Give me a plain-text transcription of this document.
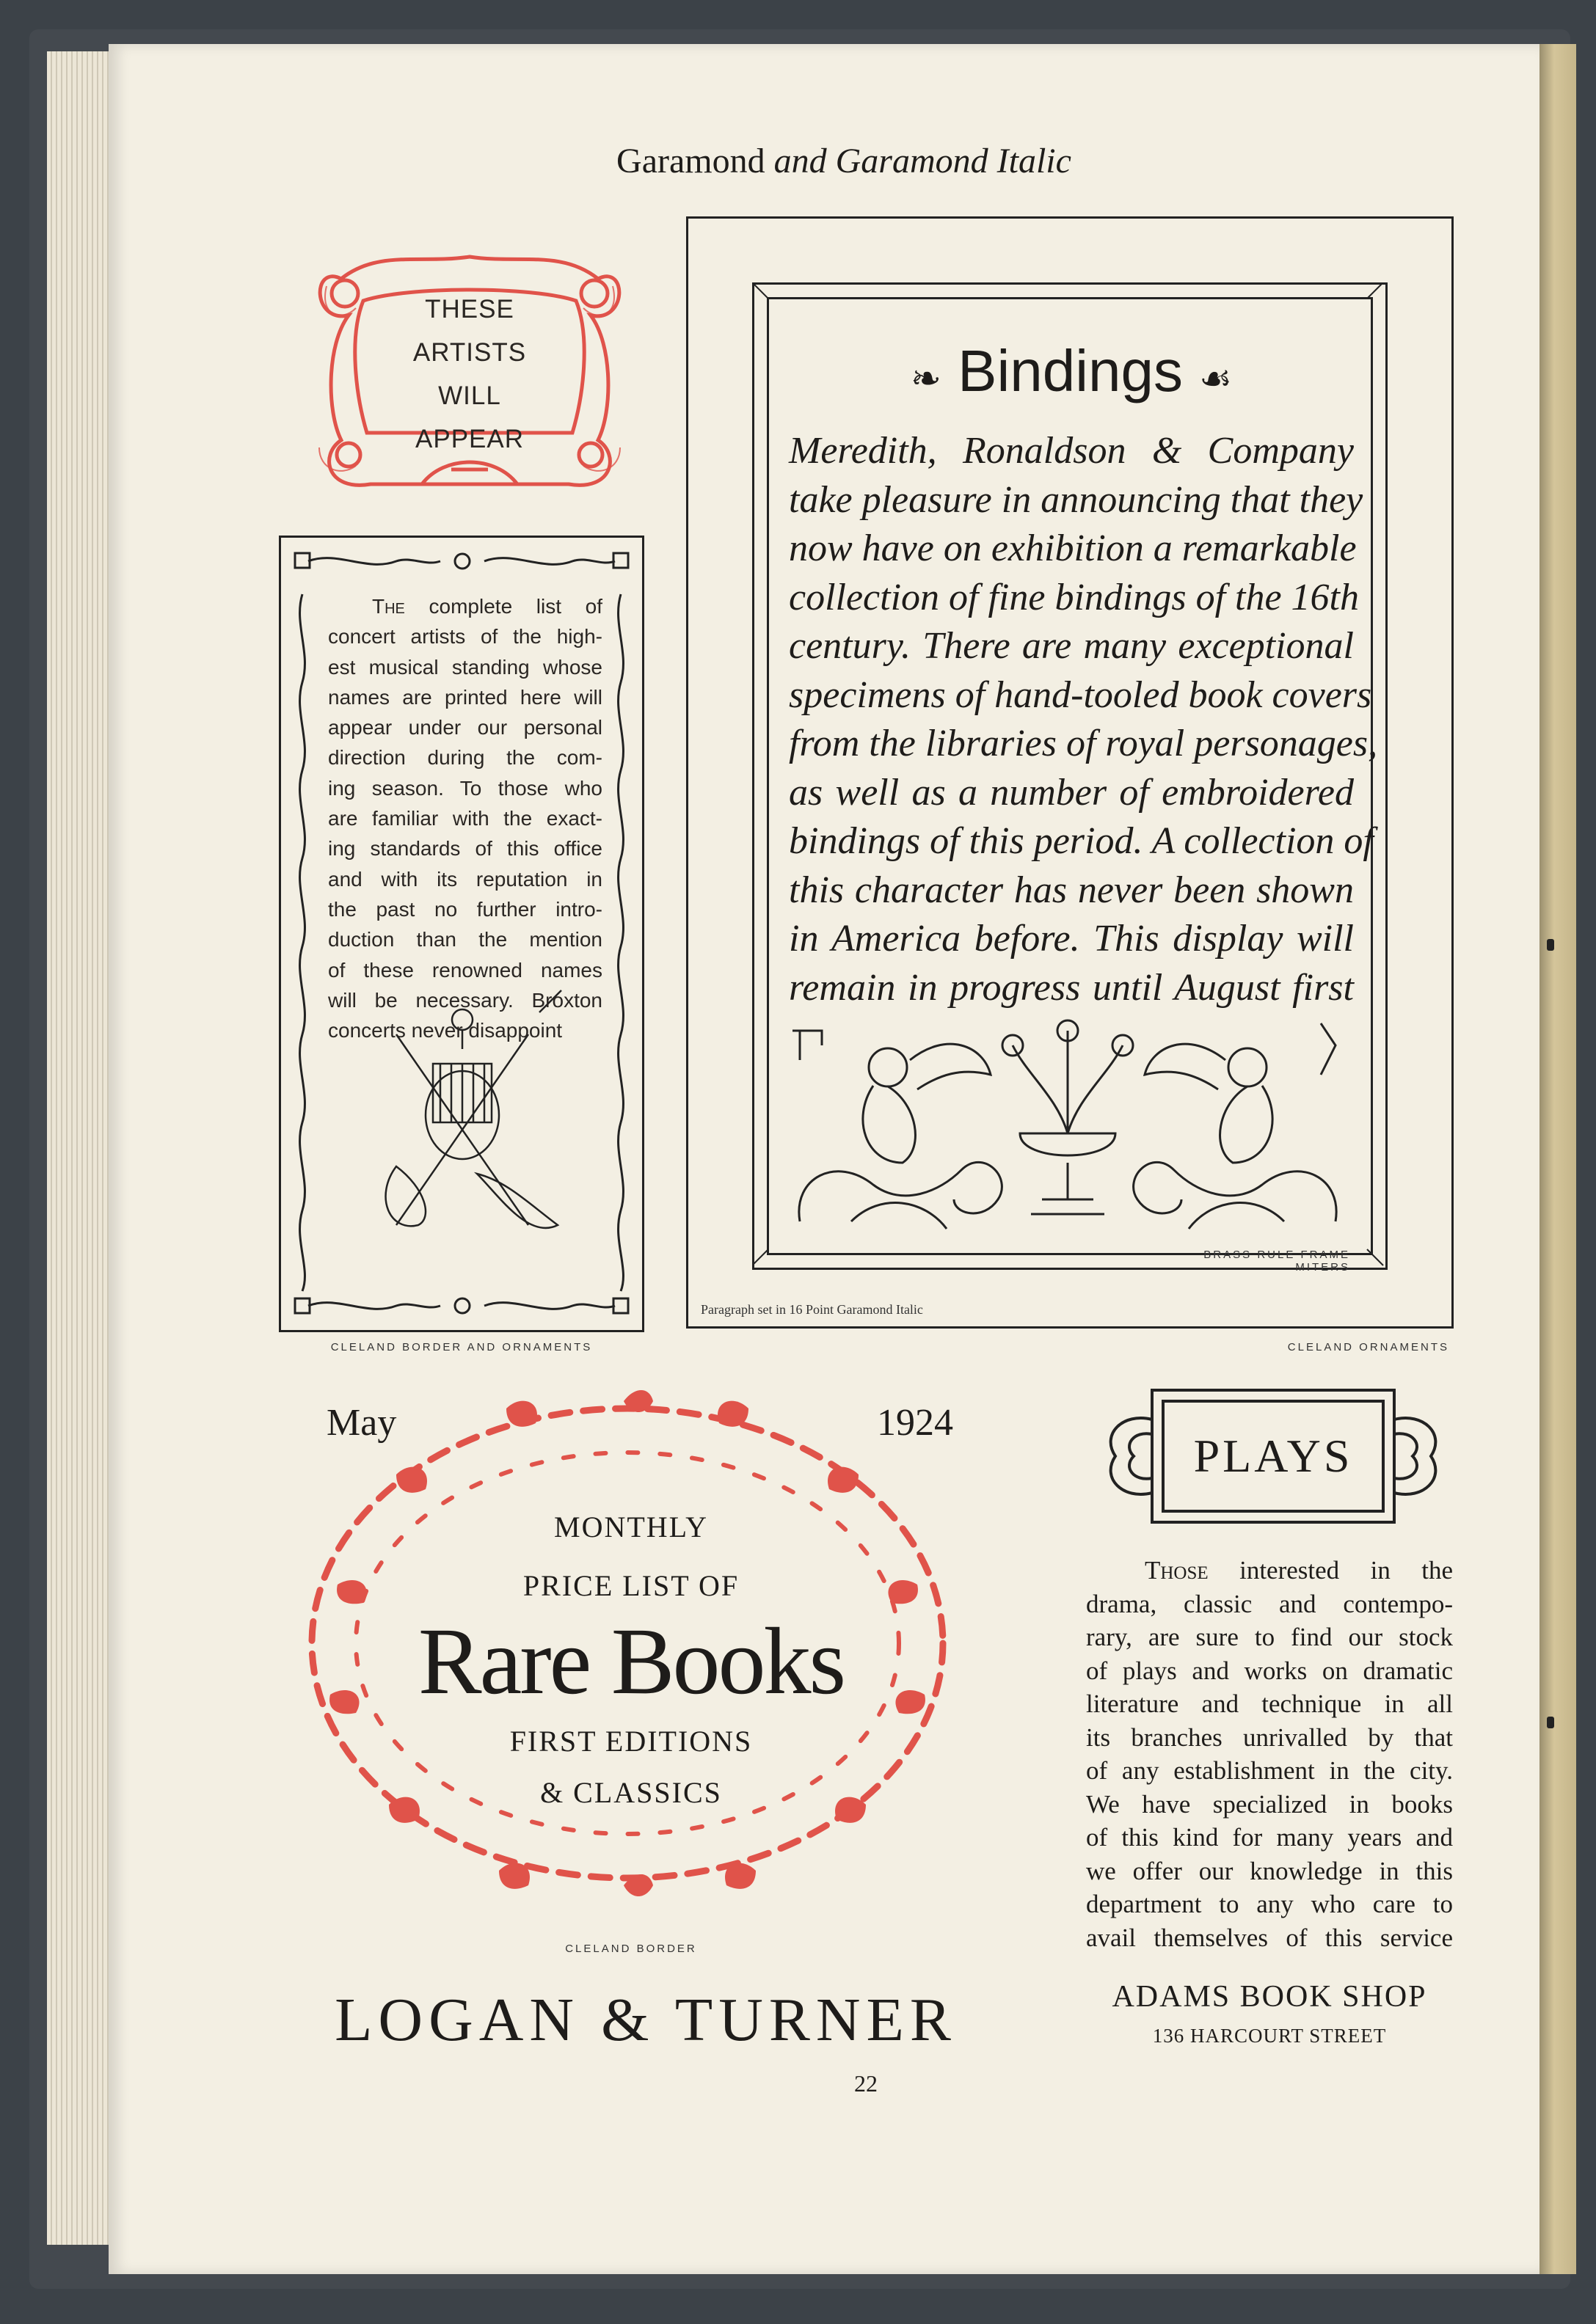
Garamond and Garamond Italic
THESE
ARTISTS
WILL
APPEAR
The complete list of
concert artists of the high-
est musical standing whose
names are printed here will
appear under our personal
direction during the com-
ing season. To those who
are familiar with the exact-
ing standards of this office
and with its reputation in
the past no further intro-
duction than the mention
of these renowned names
will be necessary. Broxton
concerts never disappoint
CLELAND BORDER AND ORNAMENTS
❧ Bindings ☙
Meredith, Ronaldson & Company
take pleasure in announcing that they
now have on exhibition a remarkable
collection of fine bindings of the 16th
century. There are many exceptional
specimens of hand-tooled book covers
from the libraries of royal personages,
as well as a number of embroidered
bindings of this period. A collection of
this character has never been shown
in America before. This display will
remain in progress until August first
BRASS RULE FRAME MITERS
Paragraph set in 16 Point Garamond Italic
CLELAND ORNAMENTS
May	1924
MONTHLY
PRICE LIST OF
Rare Books
FIRST EDITIONS
& CLASSICS
CLELAND BORDER
LOGAN & TURNER
PLAYS
Those interested in the
drama, classic and contempo-
rary, are sure to find our stock
of plays and works on dramatic
literature and technique in all
its branches unrivalled by that
of any establishment in the city.
We have specialized in books
of this kind for many years and
we offer our knowledge in this
department to any who care to
avail themselves of this service
ADAMS BOOK SHOP
136 HARCOURT STREET
22
